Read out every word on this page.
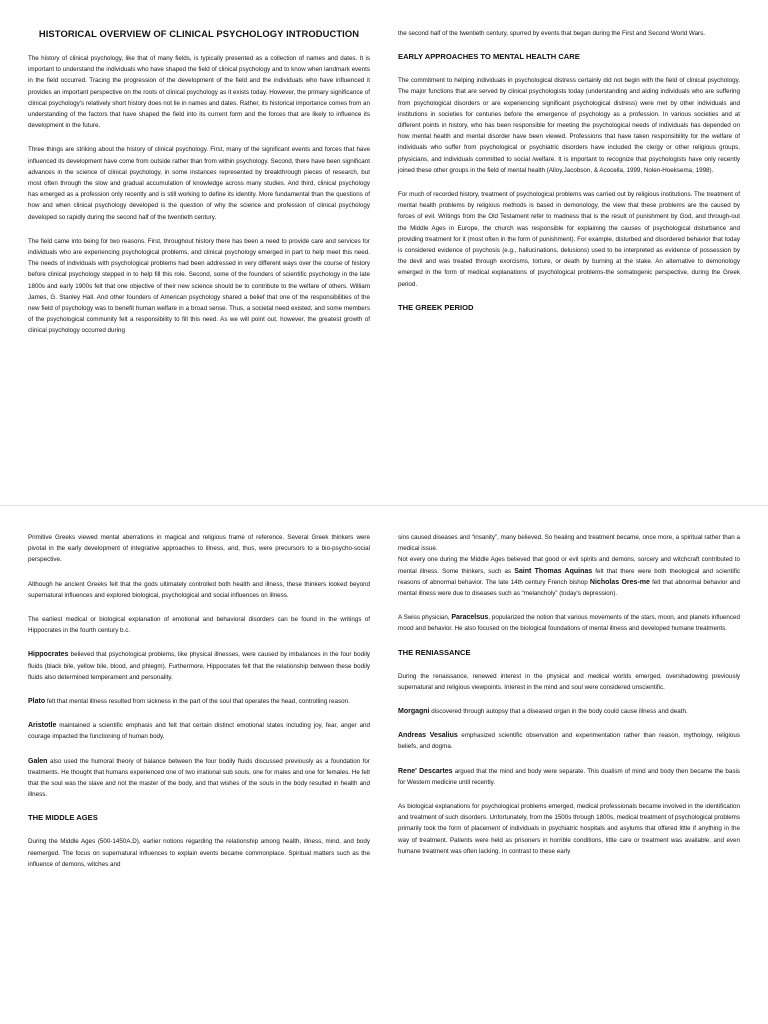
HISTORICAL OVERVIEW OF CLINICAL PSYCHOLOGY INTRODUCTION

The history of clinical psychology, like that of many fields, is typically presented as a collection of names and dates. It is important to understand the individuals who have shaped the field of clinical psychology and to know when landmark events in the field occurred. Tracing the progression of the development of the field and the individuals who have influenced it provides an important perspective on the roots of clinical psychology as it exists today. However, the primary significance of clinical psychology's relatively short history does not lie in names and dates. Rather, its historical importance comes from an understanding of the factors that have shaped the field into its current form and the forces that are likely to influence its development in the future.

Three things are striking about the history of clinical psychology. First, many of the significant events and forces that have influenced its development have come from outside rather than from within psychology. Second, there have been significant advances in the science of clinical psychology, in some instances represented by breakthrough pieces of research, but most often through the slow and gradual accumulation of knowledge across many studies. And third, clinical psychology has emerged as a profession only recently and is still working to define its identity. More fundamental than the questions of how and when clinical psychology developed is the question of why the science and profession of clinical psychology developed so rapidly during the second half of the twentieth century.

The field came into being for two reasons. First, throughout history there has been a need to provide care and services for individuals who are experiencing psychological problems, and clinical psychology emerged in part to help meet this need. The needs of individuals with psychological problems had been addressed in very different ways over the course of history before clinical psychology stepped in to help fill this role. Second, some of the founders of scientific psychology in the late 1800s and early 1900s felt that one objective of their new science should be to contribute to the welfare of others. William James, G. Stanley Hall. And other founders of American psychology shared a belief that one of the responsibilities of the new field of psychology was to benefit human welfare in a broad sense. Thus, a societal need existed, and some members of the psychological community felt a responsibility to fill this need. As we will point out, however, the greatest growth of clinical psychology occurred during

the second half of the twentieth century, spurred by events that began during the First and Second World Wars.

EARLY APPROACHES TO MENTAL HEALTH CARE

The commitment to helping individuals in psychological distress certainly did not begin with the field of clinical psychology. The major functions that are served by clinical psychologists today (understanding and aiding individuals who are suffering from psychological disorders or are experiencing significant psychological distress) were met by other individuals and institutions in societies for centuries before the emergence of psychology as a profession. In various societies and at different points in history, who has been responsible for meeting the psychological needs of individuals has depended on how mental health and mental disorder have been viewed. Professions that have taken responsibility for the welfare of individuals who suffer from psychological or psychiatric disorders have included the clergy or other religious groups, physicians, and individuals committed to social /welfare. It is important to recognize that psychologists have only recently joined these other groups in the field of mental health (Alloy,Jacobson, & Acocella, 1999, Nolen-Hoeksema, 1998).

For much of recorded history, treatment of psychological problems was carried out by religious institutions. The treatment of mental health problems by religious methods is based in demonology, the view that these problems are the caused by forces of evil. Writings from the Old Testament refer to madness that is the result of punishment by God, and through-out the Middle Ages in Europe, the church was responsible for explaining the causes of psychological disturbance and providing treatment for it (most often in the form of punishment). For example, disturbed and disordered behavior that today is considered evidence of psychosis (e.g., hallucinations, delusions) used to be interpreted as evidence of possession by the devil and was treated through exorcisms, torture, or death by burning at the stake. An alternative to demonology emerged in the form of medical explanations of psychological problems-the somatogenic perspective, during the Greek period.

THE GREEK PERIOD

Primitive Greeks viewed mental aberrations in magical and religious frame of reference. Several Greek thinkers were pivotal in the early development of integrative approaches to illness, and, thus, were precursors to a bio-psycho-social perspective.

Although he ancient Greeks felt that the gods ultimately controlled both health and illness, these thinkers looked beyond supernatural influences and explored biological, psychological and social influences on illness.

The earliest medical or biological explanation of emotional and behavioral disorders can be found in the writings of Hippocrates in the fourth century b.c.

Hippocrates believed that psychological problems, like physical illnesses, were caused by imbalances in the four bodily fluids (black bile, yellow bile, blood, and phlegm). Furthermore, Hippocrates felt that the relationship between these bodily fluids also determined temperament and personality.

Plato felt that mental illness resulted from sickness in the part of the soul that operates the head, controlling reason.

Aristotle maintained a scientific emphasis and felt that certain distinct emotional states including joy, fear, anger and courage impacted the functioning of human body.

Galen also used the humoral theory of balance between the four bodily fluids discussed previously as a foundation for treatments. He thought that humans experienced one of two irrational sub souls, one for males and one for females. He felt that the soul was the slave and not the master of the body, and that wishes of the souls in the body resulted in health and illness.

THE MIDDLE AGES

During the Middle Ages (500-1450A.D), earlier notions regarding the relationship among health, illness, mind, and body reemerged. The focus on supernatural influences to explain events became commonplace. Spiritual matters such as the influence of demons, witches and

sins caused diseases and “insanity”, many believed. So healing and treatment became, once more, a spiritual rather than a medical issue.

Not every one during the Middle Ages believed that good or evil spirits and demons, sorcery and witchcraft contributed to mental illness. Some thinkers, such as Saint Thomas Aquinas felt that there were both theological and scientific reasons of abnormal behavior. The late 14th century French bishop Nicholas Ores-me felt that abnormal behavior and mental illness were due to diseases such as “melancholy” (today's depression).

A Swiss physician, Paracelsus, popularized the notion that various movements of the stars, moon, and planets influenced mood and behavior. He also focused on the biological foundations of mental illness and developed humane treatments.

THE RENIASSANCE

During the renaissance, renewed interest in the physical and medical worlds emerged, overshadowing previously supernatural and religious viewpoints. Interest in the mind and soul were considered unscientific.

Morgagni discovered through autopsy that a diseased organ in the body could cause illness and death.

Andreas Vesalius emphasized scientific observation and experimentation rather than reason, mythology, religious beliefs, and dogma.

Rene' Descartes argued that the mind and body were separate. This dualism of mind and body then became the basis for Western medicine until recently.

As biological explanations for psychological problems emerged, medical professionals became involved in the identification and treatment of such disorders. Unfortunately, from the 1500s through 1800s, medical treatment of psychological problems primarily took the form of placement of individuals in psychiatric hospitals and asylums that offered little if anything in the way of treatment. Patients were held as prisoners in horrible conditions, little care or treatment was available, and even humane treatment was often lacking. In contrast to these early
